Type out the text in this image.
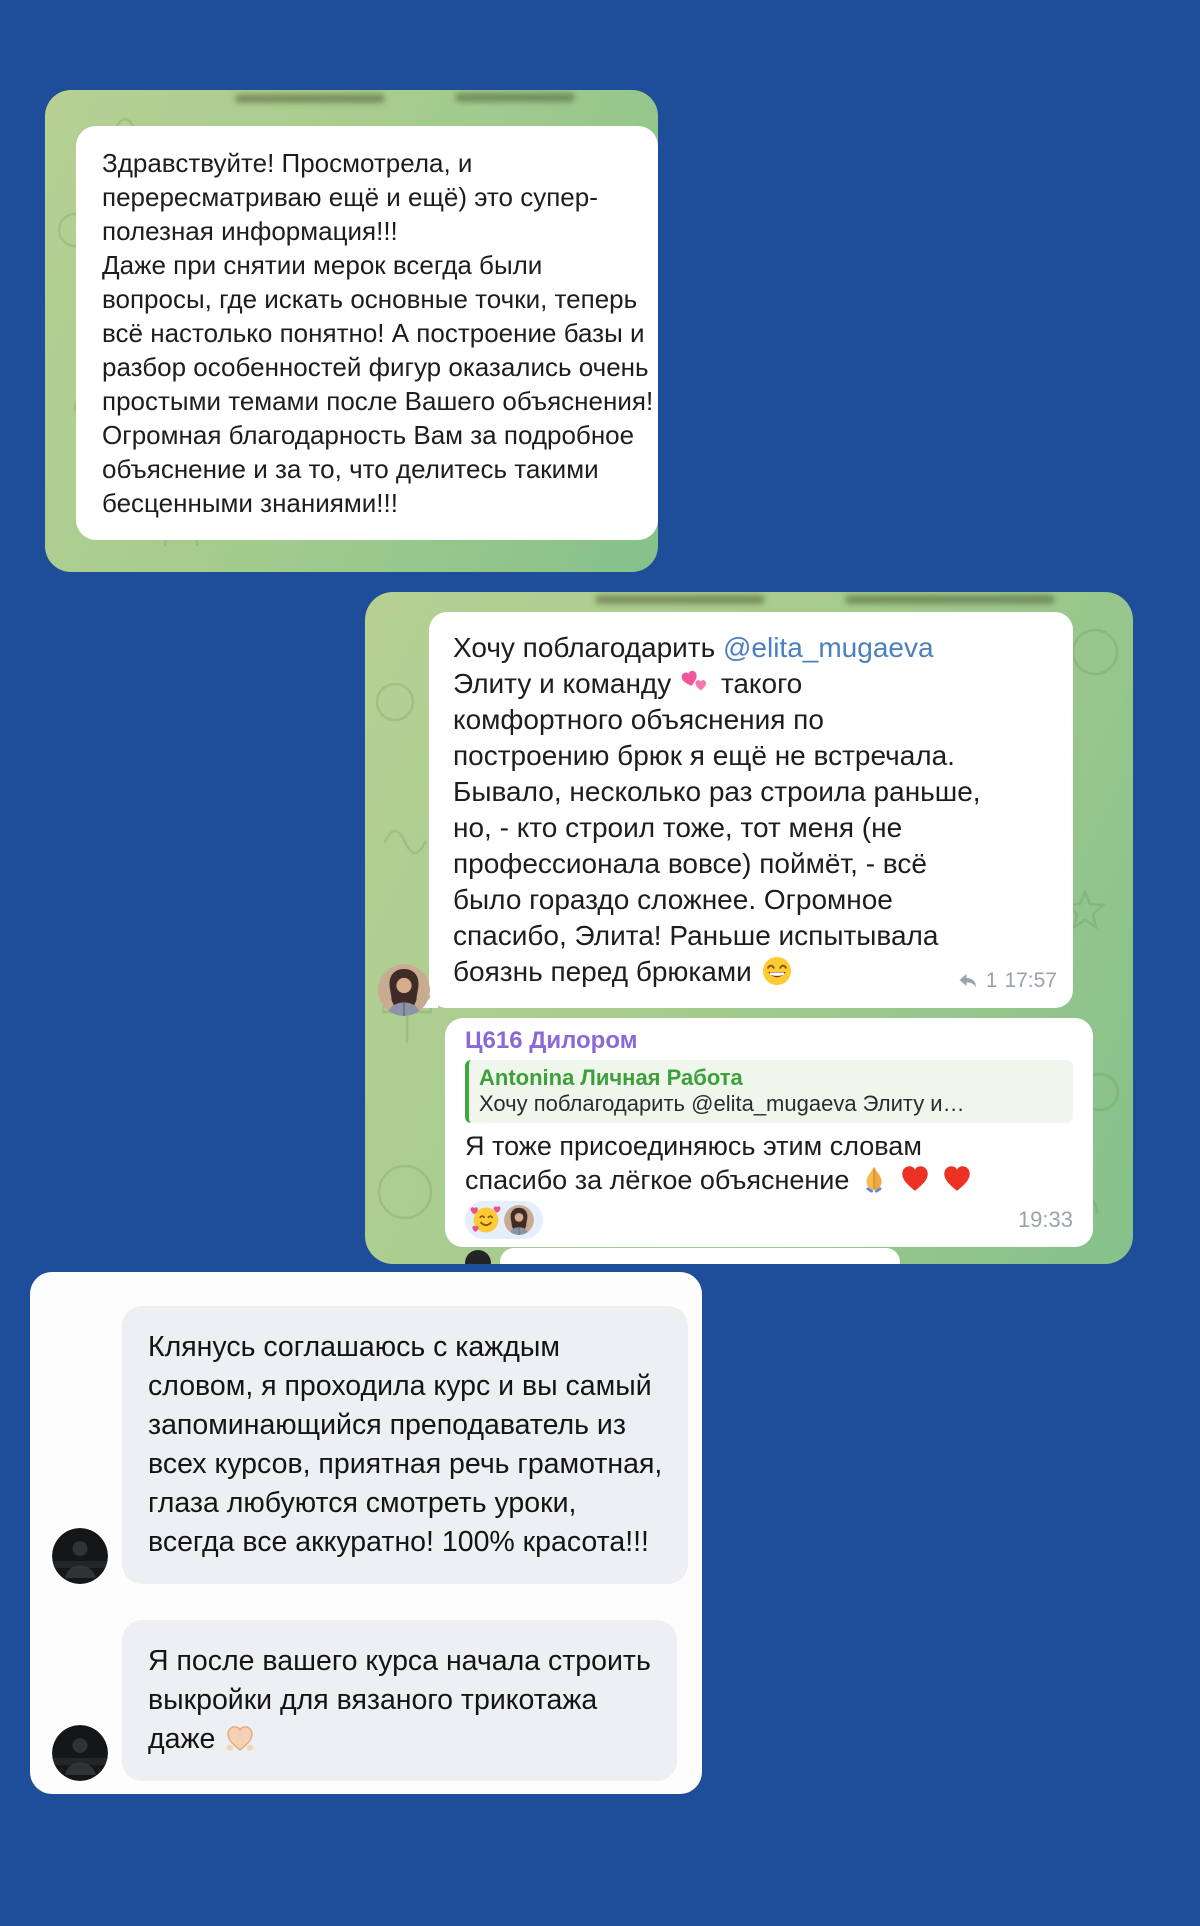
Здравствуйте! Просмотрела, и
перересматриваю ещё и ещё) это супер-
полезная информация!!!
Даже при снятии мерок всегда были
вопросы, где искать основные точки, теперь
всё настолько понятно! А построение базы и
разбор особенностей фигур оказались очень
простыми темами после Вашего объяснения!
Огромная благодарность Вам за подробное
объяснение и за то, что делитесь такими
бесценными знаниями!!!
Хочу поблагодарить @elita_mugaeva
Элиту и команду такого
комфортного объяснения по
построению брюк я ещё не встречала.
Бывало, несколько раз строила раньше,
но, - кто строил тоже, тот меня (не
профессионала вовсе) поймёт, - всё
было гораздо сложнее. Огромное
спасибо, Элита! Раньше испытывала
боязнь перед брюками	1 17:57
Ц616 Дилором
Antonina Личная Работа
Хочу поблагодарить @elita_mugaeva Элиту и…
Я тоже присоединяюсь этим словам
спасибо за лёгкое объяснение
19:33
Клянусь соглашаюсь с каждым
словом, я проходила курс и вы самый
запоминающийся преподаватель из
всех курсов, приятная речь грамотная,
глаза любуются смотреть уроки,
всегда все аккуратно! 100% красота!!!
Я после вашего курса начала строить
выкройки для вязаного трикотажа
даже
